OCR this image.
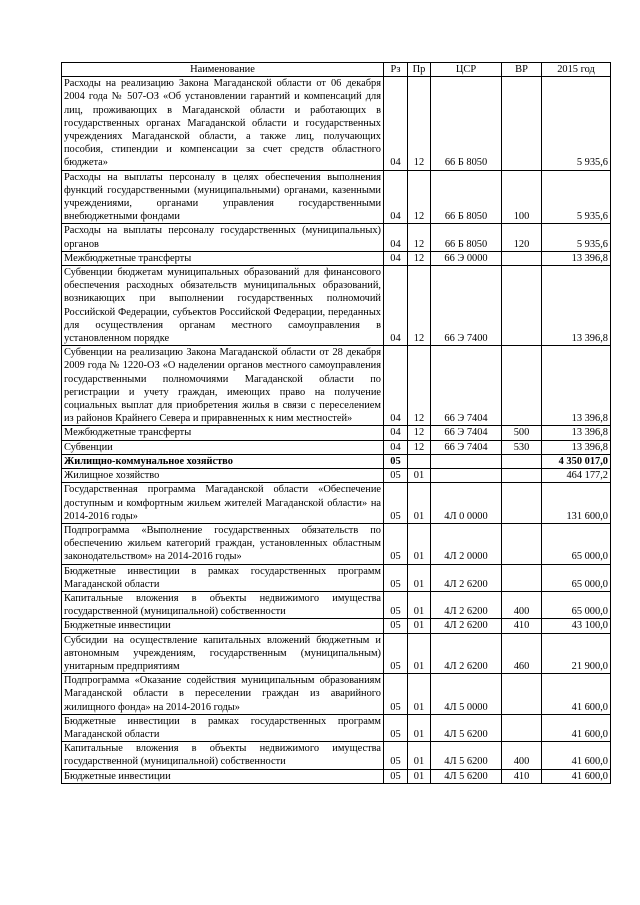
Наименование	Рз	Пр	ЦСР	ВР	2015 год
Расходы на реализацию Закона Магаданской области от 06 декабря 2004 года № 507-ОЗ «Об установлении гарантий и компенсаций для лиц, проживающих в Магаданской области и работающих в государственных органах Магаданской области и государственных учреждениях Магаданской области, а также лиц, получающих пособия, стипендии и компенсации за счет средств областного бюджета»	04	12	66 Б 8050		5 935,6
Расходы на выплаты персоналу в целях обеспечения выполнения функций государственными (муниципальными) органами, казенными учреждениями, органами управления государственными внебюджетными фондами	04	12	66 Б 8050	100	5 935,6
Расходы на выплаты персоналу государственных (муниципальных) органов	04	12	66 Б 8050	120	5 935,6
Межбюджетные трансферты	04	12	66 Э 0000		13 396,8
Субвенции бюджетам муниципальных образований для финансового обеспечения расходных обязательств муниципальных образований, возникающих при выполнении государственных полномочий Российской Федерации, субъектов Российской Федерации, переданных для осуществления органам местного самоуправления в установленном порядке	04	12	66 Э 7400		13 396,8
Субвенции на реализацию Закона Магаданской области от 28 декабря 2009 года № 1220-ОЗ «О наделении органов местного самоуправления государственными полномочиями Магаданской области по регистрации и учету граждан, имеющих право на получение социальных выплат для приобретения жилья в связи с переселением из районов Крайнего Севера и приравненных к ним местностей»	04	12	66 Э 7404		13 396,8
Межбюджетные трансферты	04	12	66 Э 7404	500	13 396,8
Субвенции	04	12	66 Э 7404	530	13 396,8
Жилищно-коммунальное хозяйство	05				4 350 017,0
Жилищное хозяйство	05	01			464 177,2
Государственная программа Магаданской области «Обеспечение доступным и комфортным жильем жителей Магаданской области» на 2014-2016 годы»	05	01	4Л 0 0000		131 600,0
Подпрограмма «Выполнение государственных обязательств по обеспечению жильем категорий граждан, установленных областным законодательством» на 2014-2016 годы»	05	01	4Л 2 0000		65 000,0
Бюджетные инвестиции в рамках государственных программ Магаданской области	05	01	4Л 2 6200		65 000,0
Капитальные вложения в объекты недвижимого имущества государственной (муниципальной) собственности	05	01	4Л 2 6200	400	65 000,0
Бюджетные инвестиции	05	01	4Л 2 6200	410	43 100,0
Субсидии на осуществление капитальных вложений бюджетным и автономным учреждениям, государственным (муниципальным) унитарным предприятиям	05	01	4Л 2 6200	460	21 900,0
Подпрограмма «Оказание содействия муниципальным образованиям Магаданской области в переселении граждан из аварийного жилищного фонда» на 2014-2016 годы»	05	01	4Л 5 0000		41 600,0
Бюджетные инвестиции в рамках государственных программ Магаданской области	05	01	4Л 5 6200		41 600,0
Капитальные вложения в объекты недвижимого имущества государственной (муниципальной) собственности	05	01	4Л 5 6200	400	41 600,0
Бюджетные инвестиции	05	01	4Л 5 6200	410	41 600,0
